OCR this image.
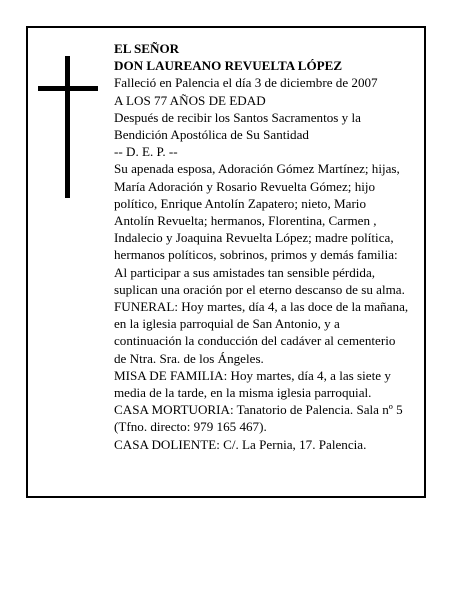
EL SEÑOR

DON LAUREANO REVUELTA LÓPEZ

Falleció en Palencia el día 3 de diciembre de 2007

A LOS 77 AÑOS DE EDAD

Después de recibir los Santos Sacramentos y la

Bendición Apostólica de Su Santidad

-- D. E. P. --

Su apenada esposa, Adoración Gómez Martínez; hijas,

María Adoración y Rosario Revuelta Gómez; hijo

político, Enrique Antolín Zapatero; nieto, Mario

Antolín Revuelta; hermanos, Florentina, Carmen ,

Indalecio y Joaquina Revuelta López; madre política,

hermanos políticos, sobrinos, primos y demás familia:

Al participar a sus amistades tan sensible pérdida,

suplican una oración por el eterno descanso de su alma.

FUNERAL: Hoy martes, día 4, a las doce de la mañana,

en la iglesia parroquial de San Antonio, y a

continuación la conducción del cadáver al cementerio

de Ntra. Sra. de los Ángeles.

MISA DE FAMILIA: Hoy martes, día 4, a las siete y

media de la tarde, en la misma iglesia parroquial.

CASA MORTUORIA: Tanatorio de Palencia. Sala nº 5

(Tfno. directo: 979 165 467).

CASA DOLIENTE: C/. La Pernia, 17. Palencia.
